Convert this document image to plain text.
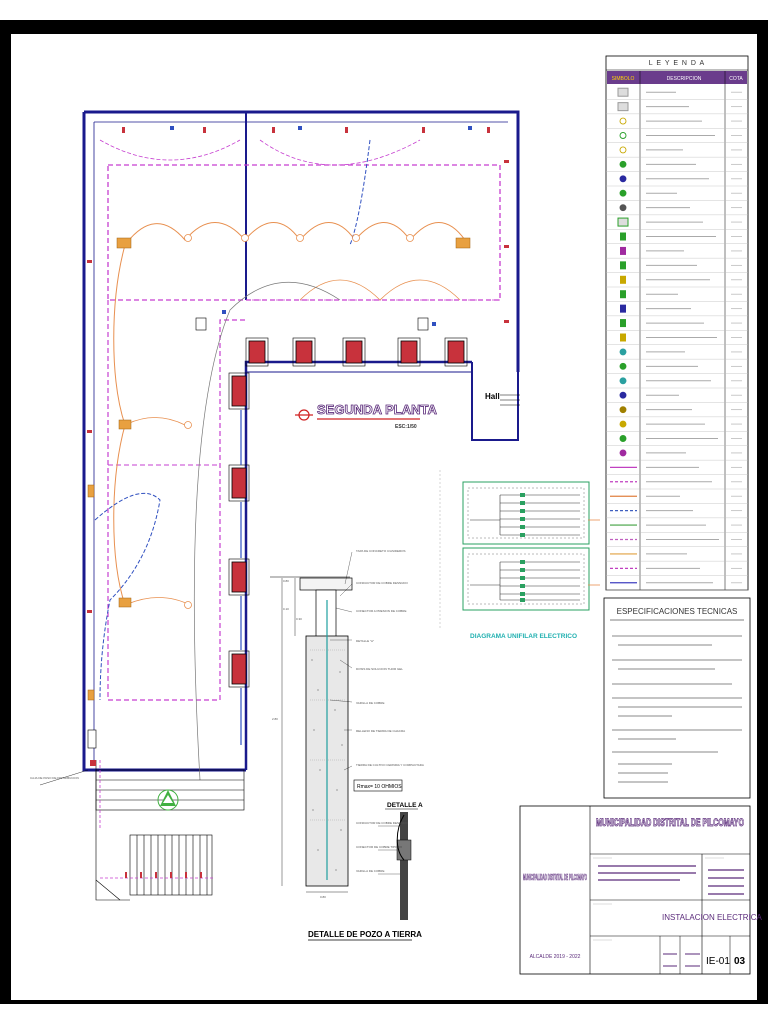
Hall
SEGUNDA PLANTA
ESC:1/50
CAJA DE PASO DE DISTRIBUCION
DIAGRAMA UNIFILAR ELECTRICO
0.80
0.10
0.30
2.80
0.80
TAPA DE CONCRETO C/ASIDEROS
CONDUCTOR DE COBRE DESNUDO
CONECTOR A PRESION DE COBRE
DETALLE "A"
DOSIS DE SOLUCION THOR GEL
VARILLA DE COBRE
RELLENO DE TIERRA DE CHACRA
TIERRA DE CULTIVO CERNIDA Y COMPACTADA
Rmax= 10 OHMIOS
DETALLE A
CONDUCTOR DE COBRE DESNUDO
CONECTOR DE COBRE TIPO AB
VARILLA DE COBRE
DETALLE DE POZO A TIERRA
L E Y E N D A
SIMBOLO	DESCRIPCION	COTA
ESPECIFICACIONES TECNICAS
MUNICIPALIDAD DISTRITAL DE PILCOMAYO
MUNICIPALIDAD DISTRITAL DE PILCOMAYO
ALCALDE 2019 - 2022
INSTALACION ELECTRICA
IE-01 03
